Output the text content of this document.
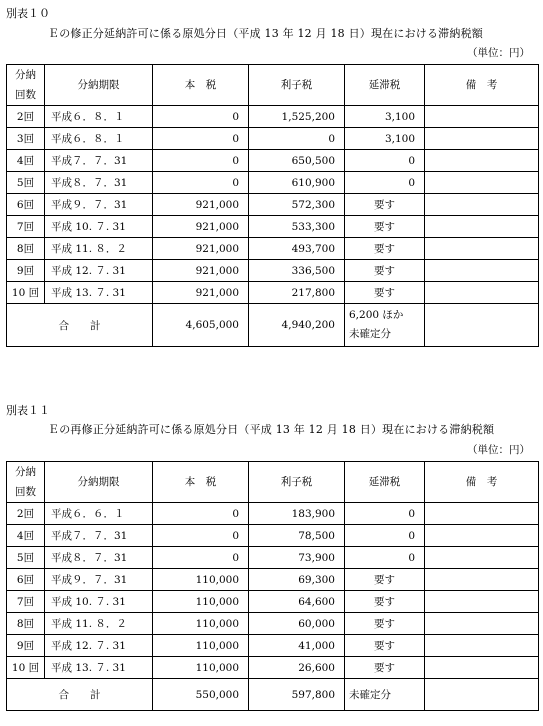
別表１０
Ｅの修正分延納許可に係る原処分日（平成 13 年 12 月 18 日）現在における滞納税額
（単位：円）
分納
回数	分納期限	本　税	利子税	延滞税	備　考
2回	平成６．８．１	0	1,525,200	3,100	
3回	平成６．８．１	0	0	3,100	
4回	平成７．７．31	0	650,500	0	
5回	平成８．７．31	0	610,900	0	
6回	平成９．７．31	921,000	572,300	要す	
7回	平成 10. ７. 31	921,000	533,300	要す	
8回	平成 11. ８．２	921,000	493,700	要す	
9回	平成 12. ７. 31	921,000	336,500	要す	
10 回	平成 13. ７. 31	921,000	217,800	要す	
合　　計		4,605,000	4,940,200	6,200 ほか
未確定分	
別表１１
Ｅの再修正分延納許可に係る原処分日（平成 13 年 12 月 18 日）現在における滞納税額
（単位：円）
分納
回数	分納期限	本　税	利子税	延滞税	備　考
2回	平成６．６．１	0	183,900	0	
4回	平成７．７．31	0	78,500	0	
5回	平成８．７．31	0	73,900	0	
6回	平成９．７．31	110,000	69,300	要す	
7回	平成 10. ７. 31	110,000	64,600	要す	
8回	平成 11. ８．２	110,000	60,000	要す	
9回	平成 12. ７. 31	110,000	41,000	要す	
10 回	平成 13. ７. 31	110,000	26,600	要す	
合　　計		550,000	597,800	未確定分	
